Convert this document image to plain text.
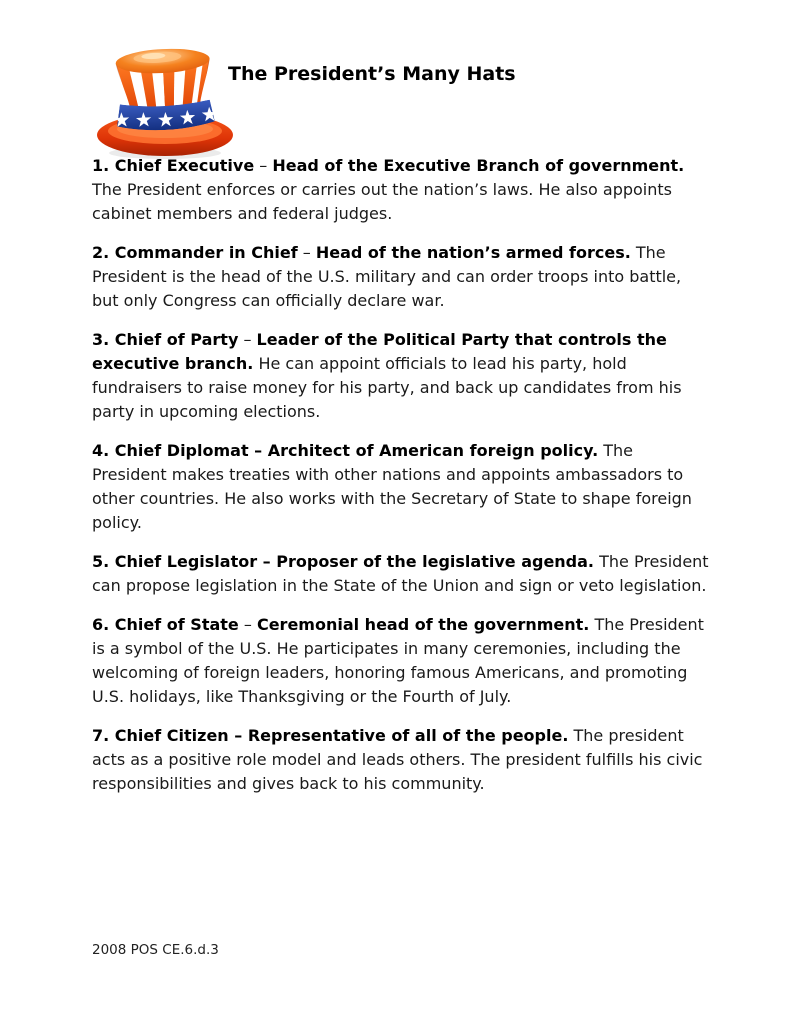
The President’s Many Hats

1. Chief Executive – Head of the Executive Branch of government. The President enforces or carries out the nation’s laws. He also appoints cabinet members and federal judges.

2. Commander in Chief – Head of the nation’s armed forces. The President is the head of the U.S. military and can order troops into battle, but only Congress can officially declare war.

3. Chief of Party – Leader of the Political Party that controls the executive branch. He can appoint officials to lead his party, hold fundraisers to raise money for his party, and back up candidates from his party in upcoming elections.

4. Chief Diplomat – Architect of American foreign policy. The President makes treaties with other nations and appoints ambassadors to other countries. He also works with the Secretary of State to shape foreign policy.

5. Chief Legislator – Proposer of the legislative agenda. The President can propose legislation in the State of the Union and sign or veto legislation.

6. Chief of State – Ceremonial head of the government. The President is a symbol of the U.S. He participates in many ceremonies, including the welcoming of foreign leaders, honoring famous Americans, and promoting U.S. holidays, like Thanksgiving or the Fourth of July.

7. Chief Citizen – Representative of all of the people. The president acts as a positive role model and leads others. The president fulfills his civic responsibilities and gives back to his community.

2008 POS CE.6.d.3
